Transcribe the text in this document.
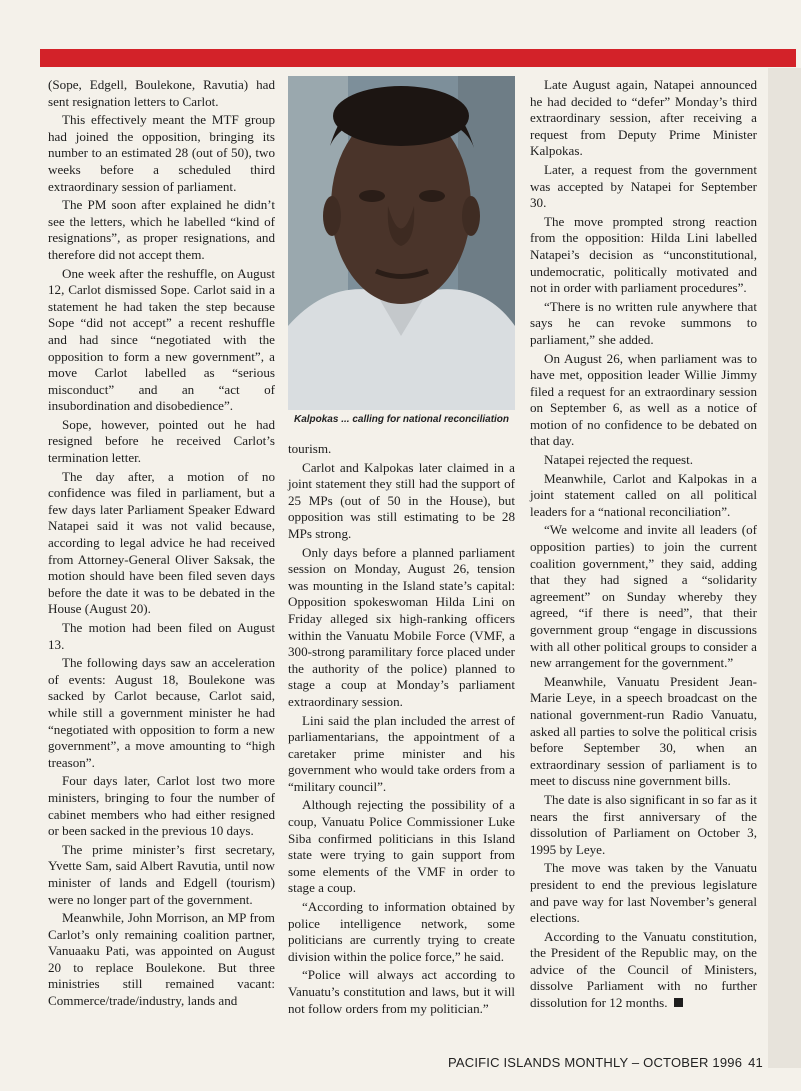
(Sope, Edgell, Boulekone, Ravutia) had sent resignation letters to Carlot.

This effectively meant the MTF group had joined the opposition, bringing its number to an estimated 28 (out of 50), two weeks before a scheduled third extraordinary session of parliament.

The PM soon after explained he didn’t see the letters, which he labelled “kind of resignations”, as proper resignations, and therefore did not accept them.

One week after the reshuffle, on August 12, Carlot dismissed Sope. Carlot said in a statement he had taken the step because Sope “did not accept” a recent reshuffle and had since “negotiated with the opposition to form a new government”, a move Carlot labelled as “serious misconduct” and an “act of insubordination and disobedience”.

Sope, however, pointed out he had resigned before he received Carlot’s termination letter.

The day after, a motion of no confidence was filed in parliament, but a few days later Parliament Speaker Edward Natapei said it was not valid because, according to legal advice he had received from Attorney-General Oliver Saksak, the motion should have been filed seven days before the date it was to be debated in the House (August 20).

The motion had been filed on August 13.

The following days saw an acceleration of events: August 18, Boulekone was sacked by Carlot because, Carlot said, while still a government minister he had “negotiated with opposition to form a new government”, a move amounting to “high treason”.

Four days later, Carlot lost two more ministers, bringing to four the number of cabinet members who had either resigned or been sacked in the previous 10 days.

The prime minister’s first secretary, Yvette Sam, said Albert Ravutia, until now minister of lands and Edgell (tourism) were no longer part of the government.

Meanwhile, John Morrison, an MP from Carlot’s only remaining coalition partner, Vanuaaku Pati, was appointed on August 20 to replace Boulekone. But three ministries still remained vacant: Commerce/trade/industry, lands and

Kalpokas ... calling for national reconciliation

tourism.

Carlot and Kalpokas later claimed in a joint statement they still had the support of 25 MPs (out of 50 in the House), but opposition was still estimating to be 28 MPs strong.

Only days before a planned parliament session on Monday, August 26, tension was mounting in the Island state’s capital: Opposition spokeswoman Hilda Lini on Friday alleged six high-ranking officers within the Vanuatu Mobile Force (VMF, a 300-strong paramilitary force placed under the authority of the police) planned to stage a coup at Monday’s parliament extraordinary session.

Lini said the plan included the arrest of parliamentarians, the appointment of a caretaker prime minister and his government who would take orders from a “military council”.

Although rejecting the possibility of a coup, Vanuatu Police Commissioner Luke Siba confirmed politicians in this Island state were trying to gain support from some elements of the VMF in order to stage a coup.

“According to information obtained by police intelligence network, some politicians are currently trying to create division within the police force,” he said.

“Police will always act according to Vanuatu’s constitution and laws, but it will not follow orders from my politician.”

Late August again, Natapei announced he had decided to “defer” Monday’s third extraordinary session, after receiving a request from Deputy Prime Minister Kalpokas.

Later, a request from the government was accepted by Natapei for September 30.

The move prompted strong reaction from the opposition: Hilda Lini labelled Natapei’s decision as “unconstitutional, undemocratic, politically motivated and not in order with parliament procedures”.

“There is no written rule anywhere that says he can revoke summons to parliament,” she added.

On August 26, when parliament was to have met, opposition leader Willie Jimmy filed a request for an extraordinary session on September 6, as well as a notice of motion of no confidence to be debated on that day.

Natapei rejected the request.

Meanwhile, Carlot and Kalpokas in a joint statement called on all political leaders for a “national reconciliation”.

“We welcome and invite all leaders (of opposition parties) to join the current coalition government,” they said, adding that they had signed a “solidarity agreement” on Sunday whereby they agreed, “if there is need”, that their government group “engage in discussions with all other political groups to consider a new arrangement for the government.”

Meanwhile, Vanuatu President Jean-Marie Leye, in a speech broadcast on the national government-run Radio Vanuatu, asked all parties to solve the political crisis before September 30, when an extraordinary session of parliament is to meet to discuss nine government bills.

The date is also significant in so far as it nears the first anniversary of the dissolution of Parliament on October 3, 1995 by Leye.

The move was taken by the Vanuatu president to end the previous legislature and pave way for last November’s general elections.

According to the Vanuatu constitution, the President of the Republic may, on the advice of the Council of Ministers, dissolve Parliament with no further dissolution for 12 months.

PACIFIC ISLANDS MONTHLY – OCTOBER 1996 41
